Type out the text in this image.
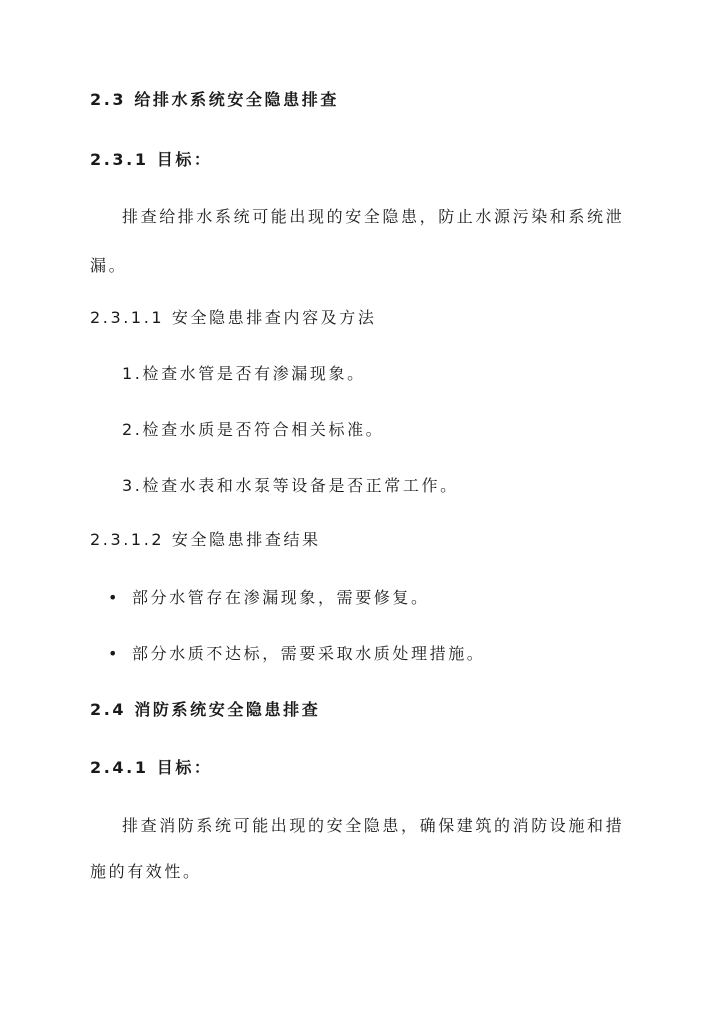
2.3 给排水系统安全隐患排查
2.3.1 目标：
排查给排水系统可能出现的安全隐患，防止水源污染和系统泄
漏。
2.3.1.1 安全隐患排查内容及方法
1.检查水管是否有渗漏现象。
2.检查水质是否符合相关标准。
3.检查水表和水泵等设备是否正常工作。
2.3.1.2 安全隐患排查结果
• 部分水管存在渗漏现象，需要修复。
• 部分水质不达标，需要采取水质处理措施。
2.4 消防系统安全隐患排查
2.4.1 目标：
排查消防系统可能出现的安全隐患，确保建筑的消防设施和措
施的有效性。
